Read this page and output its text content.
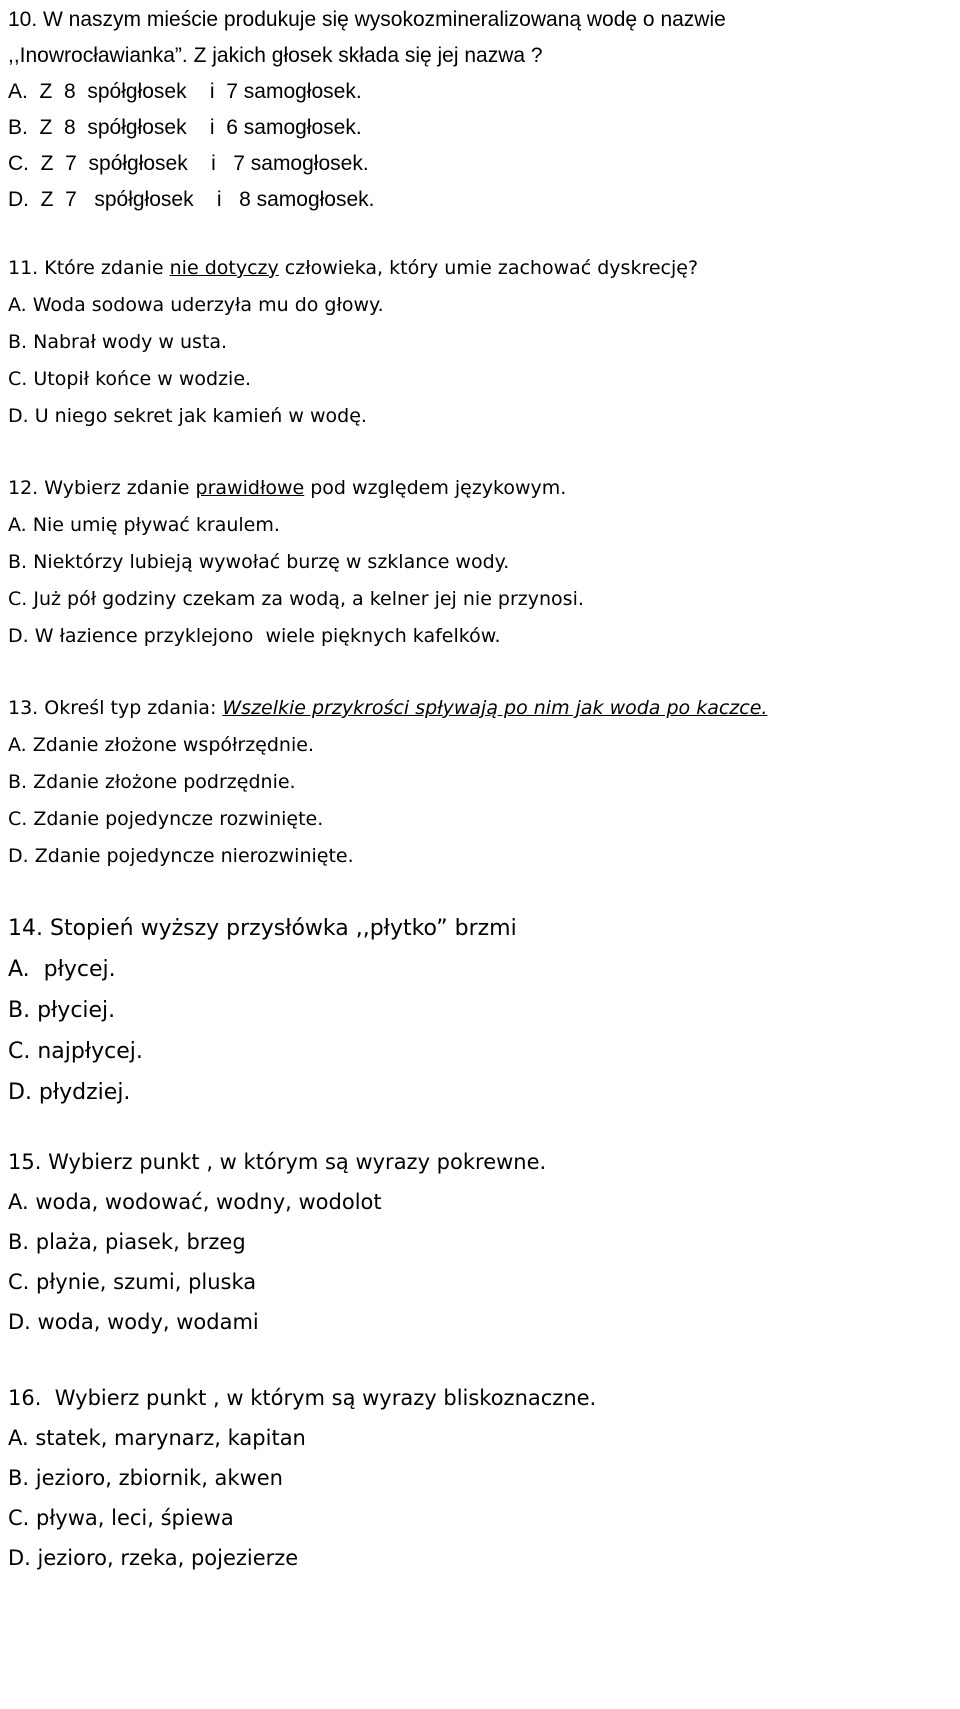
10. W naszym mieście produkuje się wysokozmineralizowaną wodę o nazwie
,,Inowrocławianka”. Z jakich głosek składa się jej nazwa ?
A.  Z  8  spółgłosek    i  7 samogłosek.
B.  Z  8  spółgłosek    i  6 samogłosek.
C.  Z  7  spółgłosek    i   7 samogłosek.
D.  Z  7   spółgłosek    i   8 samogłosek.
11. Które zdanie nie dotyczy człowieka, który umie zachować dyskrecję?
A. Woda sodowa uderzyła mu do głowy.
B. Nabrał wody w usta.
C. Utopił końce w wodzie.
D. U niego sekret jak kamień w wodę.
12. Wybierz zdanie prawidłowe pod względem językowym.
A. Nie umię pływać kraulem.
B. Niektórzy lubieją wywołać burzę w szklance wody.
C. Już pół godziny czekam za wodą, a kelner jej nie przynosi.
D. W łazience przyklejono  wiele pięknych kafelków.
13. Określ typ zdania: Wszelkie przykrości spływają po nim jak woda po kaczce.
A. Zdanie złożone współrzędnie.
B. Zdanie złożone podrzędnie.
C. Zdanie pojedyncze rozwinięte.
D. Zdanie pojedyncze nierozwinięte.
14. Stopień wyższy przysłówka ,,płytko” brzmi
A.  płycej.
B. płyciej.
C. najpłycej.
D. płydziej.
15. Wybierz punkt , w którym są wyrazy pokrewne.
A. woda, wodować, wodny, wodolot
B. plaża, piasek, brzeg
C. płynie, szumi, pluska
D. woda, wody, wodami
16.  Wybierz punkt , w którym są wyrazy bliskoznaczne.
A. statek, marynarz, kapitan
B. jezioro, zbiornik, akwen
C. pływa, leci, śpiewa
D. jezioro, rzeka, pojezierze
